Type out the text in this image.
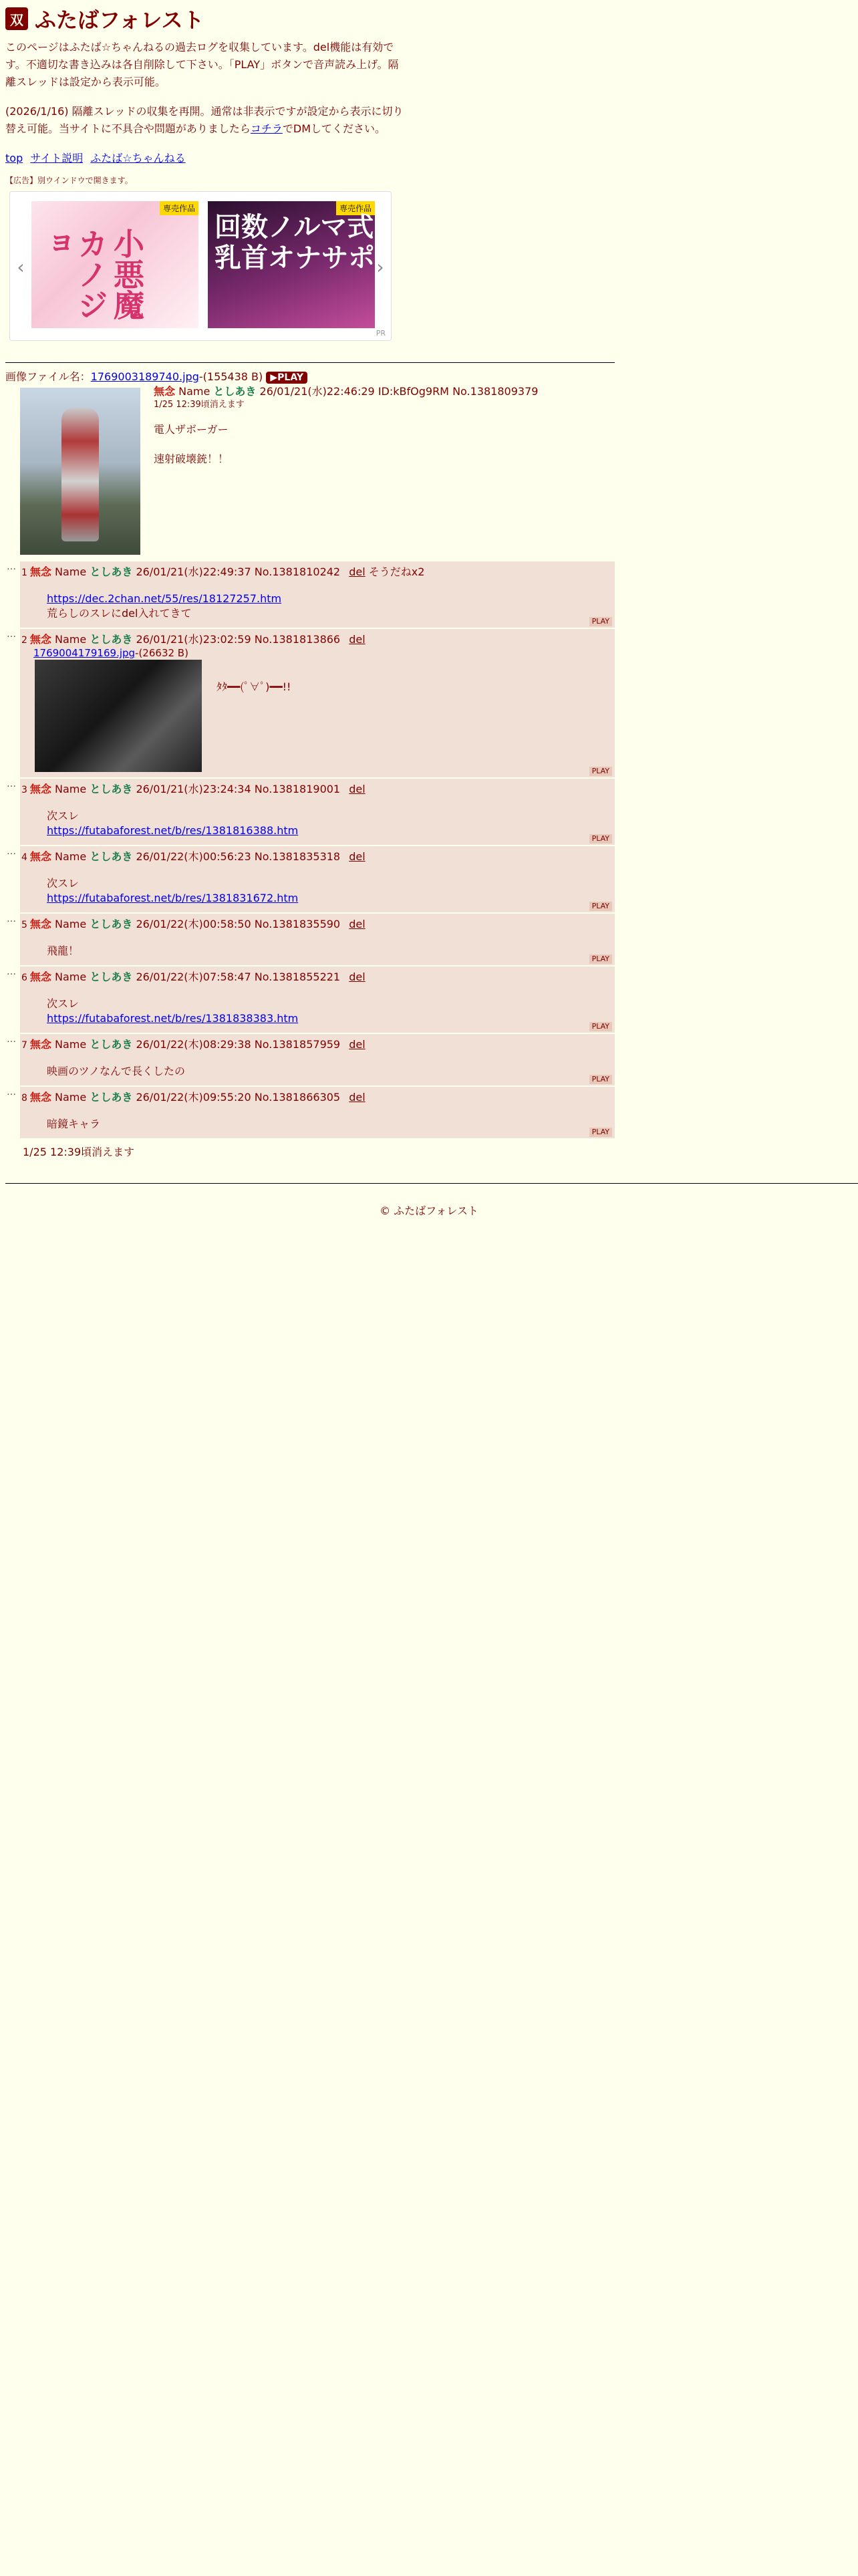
双 ふたばフォレスト

このページはふたば☆ちゃんねるの過去ログを収集しています。del機能は有効です。不適切な書き込みは各自削除して下さい。「PLAY」ボタンで音声読み上げ。隔離スレッドは設定から表示可能。

(2026/1/16) 隔離スレッドの収集を再開。通常は非表示ですが設定から表示に切り替え可能。当サイトに不具合や問題がありましたらコチラでDMしてください。

top サイト説明 ふたば☆ちゃんねる
【広告】別ウインドウで開きます。
‹
専売作品
小悪魔カノジョ
専売作品
回数ノルマ式 乳首オナサポ ›
PR
画像ファイル名：1769003189740.jpg-(155438 B) ▶PLAY
無念 Name としあき 26/01/21(水)22:46:29 ID:kBfOg9RM No.1381809379
1/25 12:39頃消えます
電人ザボーガー
速射破壊銃！！
…
1 無念 Name としあき 26/01/21(水)22:49:37 No.1381810242 del そうだねx2
https://dec.2chan.net/55/res/18127257.htm
荒らしのスレにdel入れてきて
PLAY
…
2 無念 Name としあき 26/01/21(水)23:02:59 No.1381813866 del
1769004179169.jpg-(26632 B)
ﾀﾀ━━(ﾟ∀ﾟ)━━!!
PLAY
…
3 無念 Name としあき 26/01/21(水)23:24:34 No.1381819001 del
次スレ
https://futabaforest.net/b/res/1381816388.htm
PLAY
…
4 無念 Name としあき 26/01/22(木)00:56:23 No.1381835318 del
次スレ
https://futabaforest.net/b/res/1381831672.htm
PLAY
…
5 無念 Name としあき 26/01/22(木)00:58:50 No.1381835590 del
飛龍！
PLAY
…
6 無念 Name としあき 26/01/22(木)07:58:47 No.1381855221 del
次スレ
https://futabaforest.net/b/res/1381838383.htm
PLAY
…
7 無念 Name としあき 26/01/22(木)08:29:38 No.1381857959 del
映画のツノなんで長くしたの
PLAY
…
8 無念 Name としあき 26/01/22(木)09:55:20 No.1381866305 del
暗鏡キャラ
PLAY
1/25 12:39頃消えます
© ふたばフォレスト
